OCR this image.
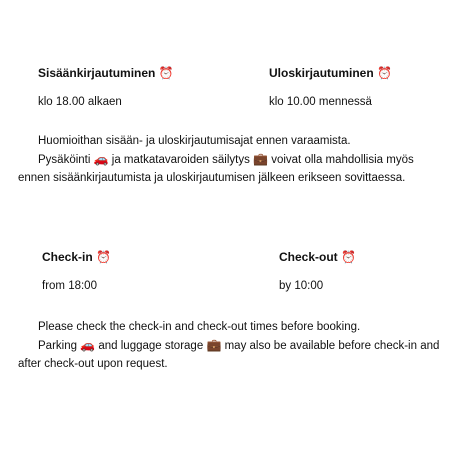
Sisäänkirjautuminen ⏰
klo 18.00 alkaen
Uloskirjautuminen ⏰
klo 10.00 mennessä
Huomioithan sisään- ja uloskirjautumisajat ennen varaamista.
Pysäköinti 🚗 ja matkatavaroiden säilytys 💼 voivat olla mahdollisia myös ennen sisäänkirjautumista ja uloskirjautumisen jälkeen erikseen sovittaessa.
Check-in ⏰
from 18:00
Check-out ⏰
by 10:00
Please check the check-in and check-out times before booking.
Parking 🚗 and luggage storage 💼 may also be available before check-in and after check-out upon request.
